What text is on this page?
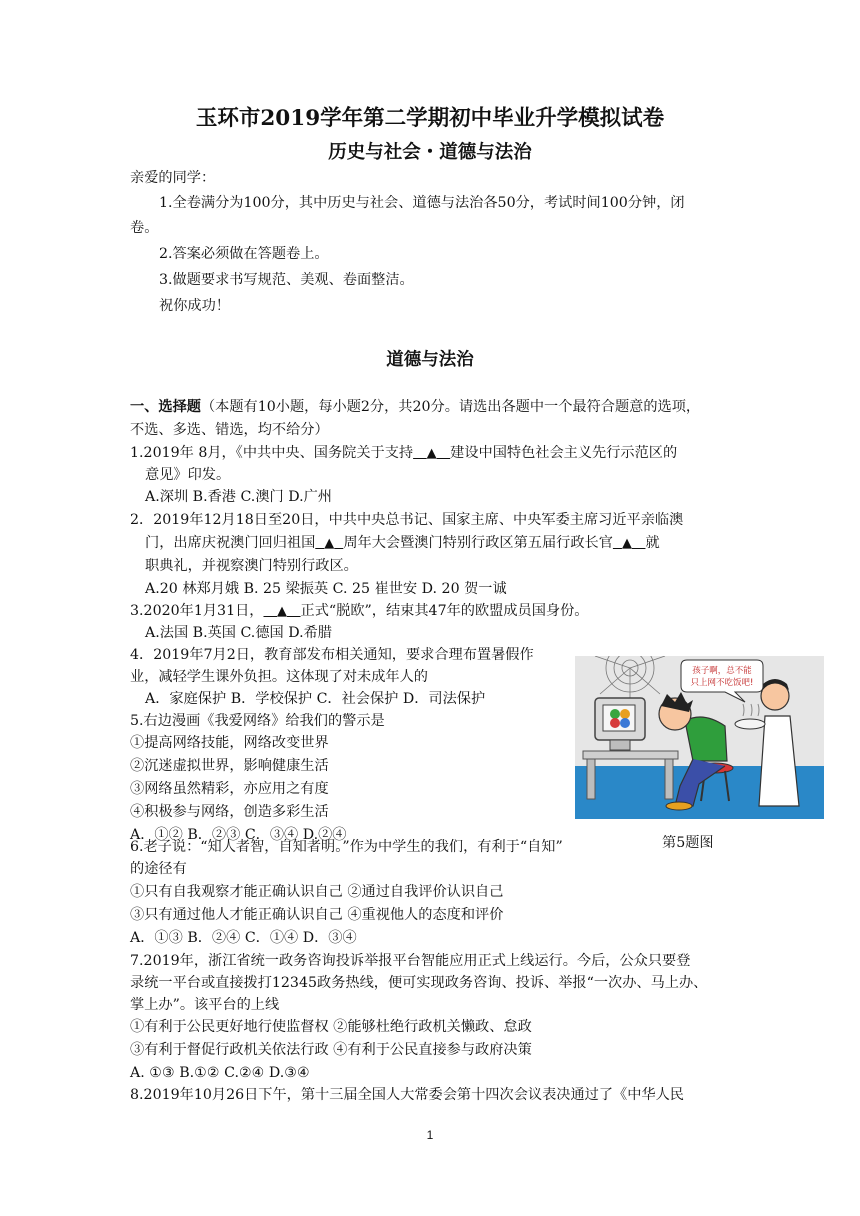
玉环市2019学年第二学期初中毕业升学模拟试卷
历史与社会・道德与法治
亲爱的同学：
1.全卷满分为100分，其中历史与社会、道德与法治各50分，考试时间100分钟，闭
卷。
2.答案必须做在答题卷上。
3.做题要求书写规范、美观、卷面整洁。
祝你成功！
道德与法治
一、选择题（本题有10小题，每小题2分，共20分。请选出各题中一个最符合题意的选项，
不选、多选、错选，均不给分）
1.2019年 8月，《中共中央、国务院关于支持 ▲ 建设中国特色社会主义先行示范区的
意见》印发。
A.深圳 B.香港 C.澳门 D.广州
2．2019年12月18日至20日，中共中央总书记、国家主席、中央军委主席习近平亲临澳
门，出席庆祝澳门回归祖国 ▲ 周年大会暨澳门特别行政区第五届行政长官 ▲ 就
职典礼，并视察澳门特别行政区。
A.20 林郑月娥 B. 25 梁振英 C. 25 崔世安 D. 20 贺一诚
3.2020年1月31日， ▲ 正式“脱欧”，结束其47年的欧盟成员国身份。
A.法国 B.英国 C.德国 D.希腊
4．2019年7月2日，教育部发布相关通知，要求合理布置暑假作
业，减轻学生课外负担。这体现了对未成年人的
A．家庭保护 B．学校保护 C．社会保护 D．司法保护
5.右边漫画《我爱网络》给我们的警示是
①提高网络技能，网络改变世界
②沉迷虚拟世界，影响健康生活
③网络虽然精彩，亦应用之有度
④积极参与网络，创造多彩生活
A．①② B．②③ C．③④ D.②④
孩子啊，总不能
只上网不吃饭吧!
第5题图
6.老子说：“知人者智，自知者明。”作为中学生的我们，有利于“自知”
的途径有
①只有自我观察才能正确认识自己 ②通过自我评价认识自己
③只有通过他人才能正确认识自己 ④重视他人的态度和评价
A．①③ B．②④ C．①④ D．③④
7.2019年，浙江省统一政务咨询投诉举报平台智能应用正式上线运行。今后，公众只要登
录统一平台或直接拨打12345政务热线，便可实现政务咨询、投诉、举报“一次办、马上办、
掌上办”。该平台的上线
①有利于公民更好地行使监督权 ②能够杜绝行政机关懒政、怠政
③有利于督促行政机关依法行政 ④有利于公民直接参与政府决策
A. ①③ B.①② C.②④ D.③④
8.2019年10月26日下午，第十三届全国人大常委会第十四次会议表决通过了《中华人民
1
